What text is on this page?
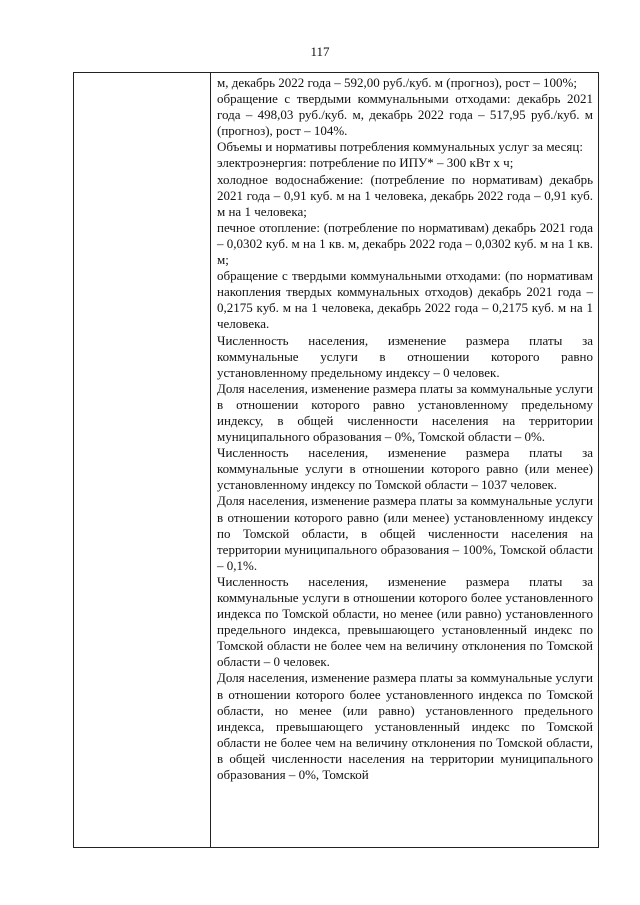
117

м, декабрь 2022 года – 592,00 руб./куб. м (прогноз), рост – 100%;

обращение с твердыми коммунальными отходами: декабрь 2021 года – 498,03 руб./куб. м, декабрь 2022 года – 517,95 руб./куб. м (прогноз), рост – 104%.

Объемы и нормативы потребления коммунальных услуг за месяц:

электроэнергия: потребление по ИПУ* – 300 кВт х ч;

холодное водоснабжение: (потребление по нормативам) декабрь 2021 года – 0,91 куб. м на 1 человека, декабрь 2022 года – 0,91 куб. м на 1 человека;

печное отопление: (потребление по нормативам) декабрь 2021 года – 0,0302 куб. м на 1 кв. м, декабрь 2022 года – 0,0302 куб. м на 1 кв. м;

обращение с твердыми коммунальными отходами: (по нормативам накопления твердых коммунальных отходов) декабрь 2021 года – 0,2175 куб. м на 1 человека, декабрь 2022 года – 0,2175 куб. м на 1 человека.

Численность населения, изменение размера платы за коммунальные услуги в отношении которого равно установленному предельному индексу – 0 человек.

Доля населения, изменение размера платы за коммунальные услуги в отношении которого равно установленному предельному индексу, в общей численности населения на территории муниципального образования – 0%, Томской области – 0%.

Численность населения, изменение размера платы за коммунальные услуги в отношении которого равно (или менее) установленному индексу по Томской области – 1037 человек.

Доля населения, изменение размера платы за коммунальные услуги в отношении которого равно (или менее) установленному индексу по Томской области, в общей численности населения на территории муниципального образования – 100%, Томской области – 0,1%.

Численность населения, изменение размера платы за коммунальные услуги в отношении которого более установленного индекса по Томской области, но менее (или равно) установленного предельного индекса, превышающего установленный индекс по Томской области не более чем на величину отклонения по Томской области – 0 человек.

Доля населения, изменение размера платы за коммунальные услуги в отношении которого более установленного индекса по Томской области, но менее (или равно) установленного предельного индекса, превышающего установленный индекс по Томской области не более чем на величину отклонения по Томской области, в общей численности населения на территории муниципального образования – 0%, Томской
